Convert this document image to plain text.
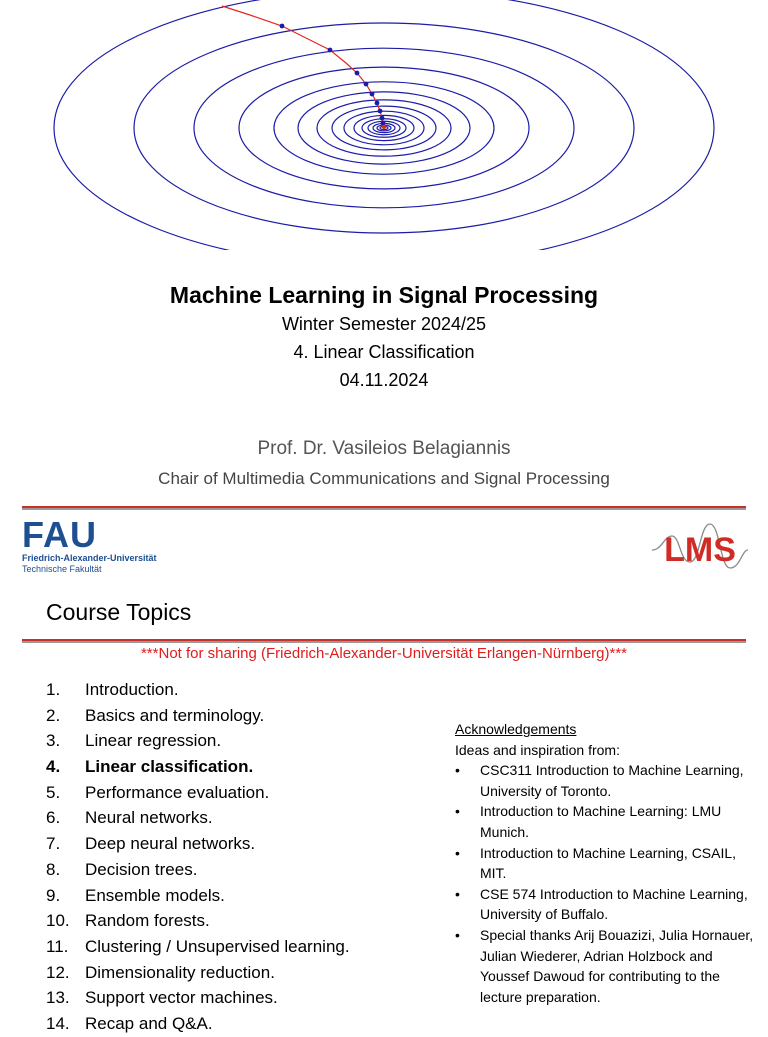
Machine Learning in Signal Processing
Winter Semester 2024/25
4. Linear Classification
04.11.2024
Prof. Dr. Vasileios Belagiannis
Chair of Multimedia Communications and Signal Processing
FAU
Friedrich-Alexander-Universität
Technische Fakultät	LMS
Course Topics
***Not for sharing (Friedrich-Alexander-Universität Erlangen-Nürnberg)***
1. Introduction.
2. Basics and terminology.
3. Linear regression.
4. Linear classification.
5. Performance evaluation.
6. Neural networks.
7. Deep neural networks.
8. Decision trees.
9. Ensemble models.
10. Random forests.
11. Clustering / Unsupervised learning.
12. Dimensionality reduction.
13. Support vector machines.
14. Recap and Q&A.
Acknowledgements
Ideas and inspiration from:
• CSC311 Introduction to Machine Learning, University of Toronto.
• Introduction to Machine Learning: LMU Munich.
• Introduction to Machine Learning, CSAIL, MIT.
• CSE 574 Introduction to Machine Learning, University of Buffalo.
• Special thanks Arij Bouazizi, Julia Hornauer, Julian Wiederer, Adrian Holzbock and Youssef Dawoud for contributing to the lecture preparation.
